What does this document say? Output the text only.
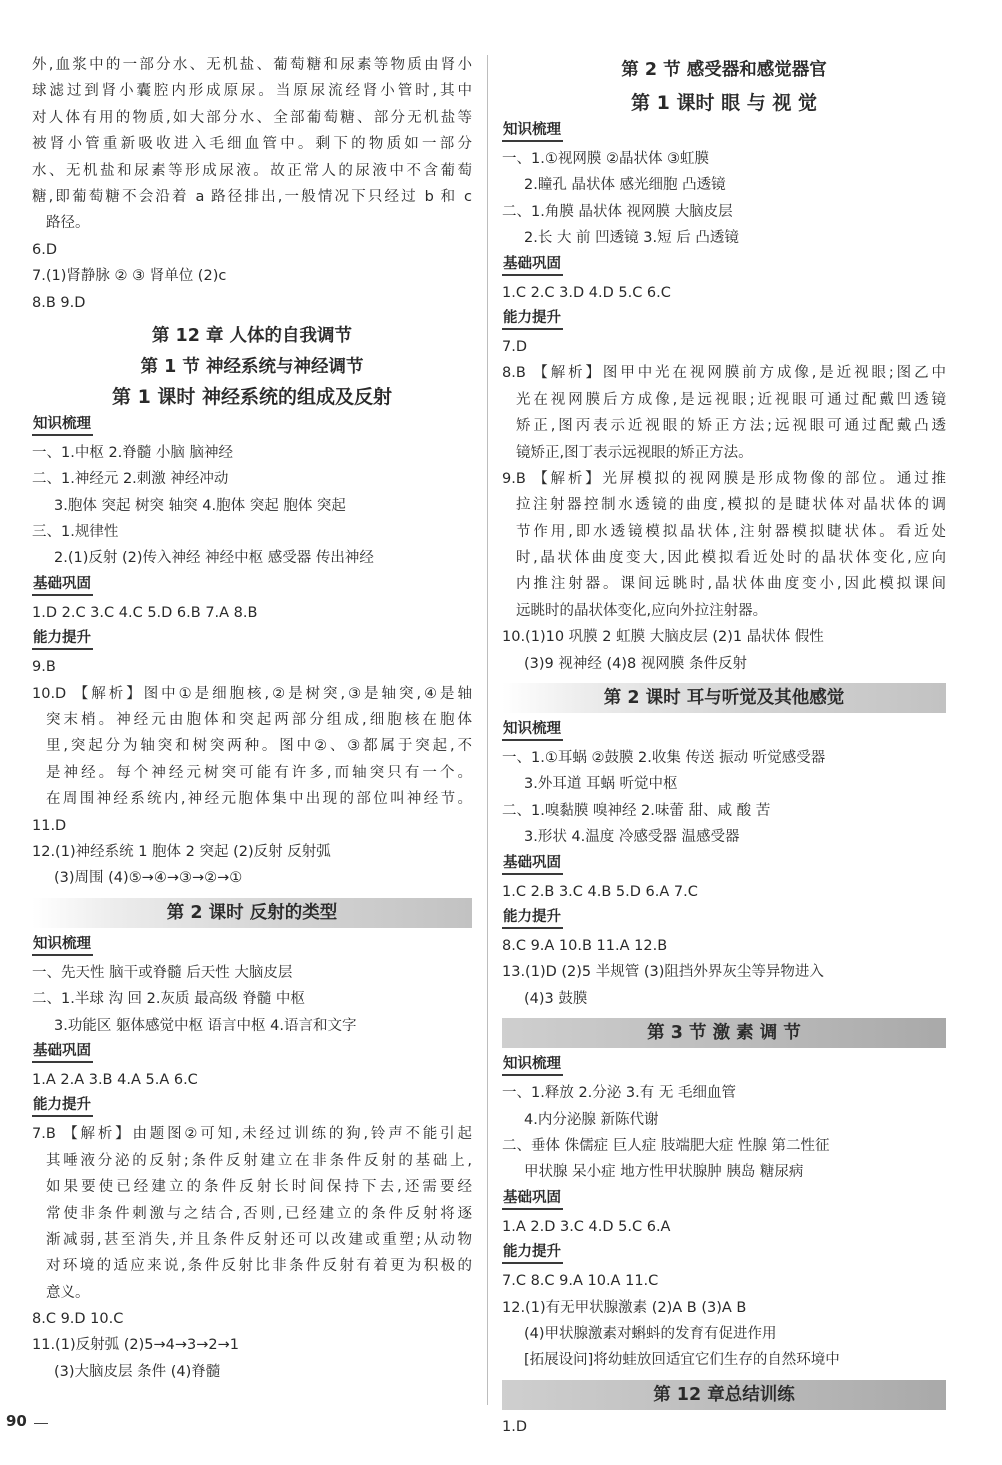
外,血浆中的一部分水、无机盐、葡萄糖和尿素等物质由肾小
球滤过到肾小囊腔内形成原尿。当原尿流经肾小管时,其中
对人体有用的物质,如大部分水、全部葡萄糖、部分无机盐等
被肾小管重新吸收进入毛细血管中。剩下的物质如一部分
水、无机盐和尿素等形成尿液。故正常人的尿液中不含葡萄
糖,即葡萄糖不会沿着 a 路径排出,一般情况下只经过 b 和 c
路径。
6.D
7.(1)肾静脉 ② ③ 肾单位 (2)c
8.B 9.D
第 12 章 人体的自我调节
第 1 节 神经系统与神经调节
第 1 课时 神经系统的组成及反射
知识梳理
一、1.中枢 2.脊髓 小脑 脑神经
二、1.神经元 2.刺激 神经冲动
3.胞体 突起 树突 轴突 4.胞体 突起 胞体 突起
三、1.规律性
2.(1)反射 (2)传入神经 神经中枢 感受器 传出神经
基础巩固
1.D 2.C 3.C 4.C 5.D 6.B 7.A 8.B
能力提升
9.B
10.D 【解析】图中①是细胞核,②是树突,③是轴突,④是轴
突末梢。神经元由胞体和突起两部分组成,细胞核在胞体
里,突起分为轴突和树突两种。图中②、③都属于突起,不
是神经。每个神经元树突可能有许多,而轴突只有一个。
在周围神经系统内,神经元胞体集中出现的部位叫神经节。
11.D
12.(1)神经系统 1 胞体 2 突起 (2)反射 反射弧
(3)周围 (4)⑤→④→③→②→①
第 2 课时 反射的类型
知识梳理
一、先天性 脑干或脊髓 后天性 大脑皮层
二、1.半球 沟 回 2.灰质 最高级 脊髓 中枢
3.功能区 躯体感觉中枢 语言中枢 4.语言和文字
基础巩固
1.A 2.A 3.B 4.A 5.A 6.C
能力提升
7.B 【解析】由题图②可知,未经过训练的狗,铃声不能引起
其唾液分泌的反射;条件反射建立在非条件反射的基础上,
如果要使已经建立的条件反射长时间保持下去,还需要经
常使非条件刺激与之结合,否则,已经建立的条件反射将逐
渐减弱,甚至消失,并且条件反射还可以改建或重塑;从动物
对环境的适应来说,条件反射比非条件反射有着更为积极的
意义。
8.C 9.D 10.C
11.(1)反射弧 (2)5→4→3→2→1
(3)大脑皮层 条件 (4)脊髓
第 2 节 感受器和感觉器官
第 1 课时 眼 与 视 觉
知识梳理
一、1.①视网膜 ②晶状体 ③虹膜
2.瞳孔 晶状体 感光细胞 凸透镜
二、1.角膜 晶状体 视网膜 大脑皮层
2.长 大 前 凹透镜 3.短 后 凸透镜
基础巩固
1.C 2.C 3.D 4.D 5.C 6.C
能力提升
7.D
8.B 【解析】图甲中光在视网膜前方成像,是近视眼;图乙中
光在视网膜后方成像,是远视眼;近视眼可通过配戴凹透镜
矫正,图丙表示近视眼的矫正方法;远视眼可通过配戴凸透
镜矫正,图丁表示远视眼的矫正方法。
9.B 【解析】光屏模拟的视网膜是形成物像的部位。通过推
拉注射器控制水透镜的曲度,模拟的是睫状体对晶状体的调
节作用,即水透镜模拟晶状体,注射器模拟睫状体。看近处
时,晶状体曲度变大,因此模拟看近处时的晶状体变化,应向
内推注射器。课间远眺时,晶状体曲度变小,因此模拟课间
远眺时的晶状体变化,应向外拉注射器。
10.(1)10 巩膜 2 虹膜 大脑皮层 (2)1 晶状体 假性
(3)9 视神经 (4)8 视网膜 条件反射
第 2 课时 耳与听觉及其他感觉
知识梳理
一、1.①耳蜗 ②鼓膜 2.收集 传送 振动 听觉感受器
3.外耳道 耳蜗 听觉中枢
二、1.嗅黏膜 嗅神经 2.味蕾 甜、咸 酸 苦
3.形状 4.温度 冷感受器 温感受器
基础巩固
1.C 2.B 3.C 4.B 5.D 6.A 7.C
能力提升
8.C 9.A 10.B 11.A 12.B
13.(1)D (2)5 半规管 (3)阻挡外界灰尘等异物进入
(4)3 鼓膜
第 3 节 激 素 调 节
知识梳理
一、1.释放 2.分泌 3.有 无 毛细血管
4.内分泌腺 新陈代谢
二、垂体 侏儒症 巨人症 肢端肥大症 性腺 第二性征
甲状腺 呆小症 地方性甲状腺肿 胰岛 糖尿病
基础巩固
1.A 2.D 3.C 4.D 5.C 6.A
能力提升
7.C 8.C 9.A 10.A 11.C
12.(1)有无甲状腺激素 (2)A B (3)A B
(4)甲状腺激素对蝌蚪的发育有促进作用
[拓展设问]将幼蛙放回适宜它们生存的自然环境中
第 12 章总结训练
1.D
90
